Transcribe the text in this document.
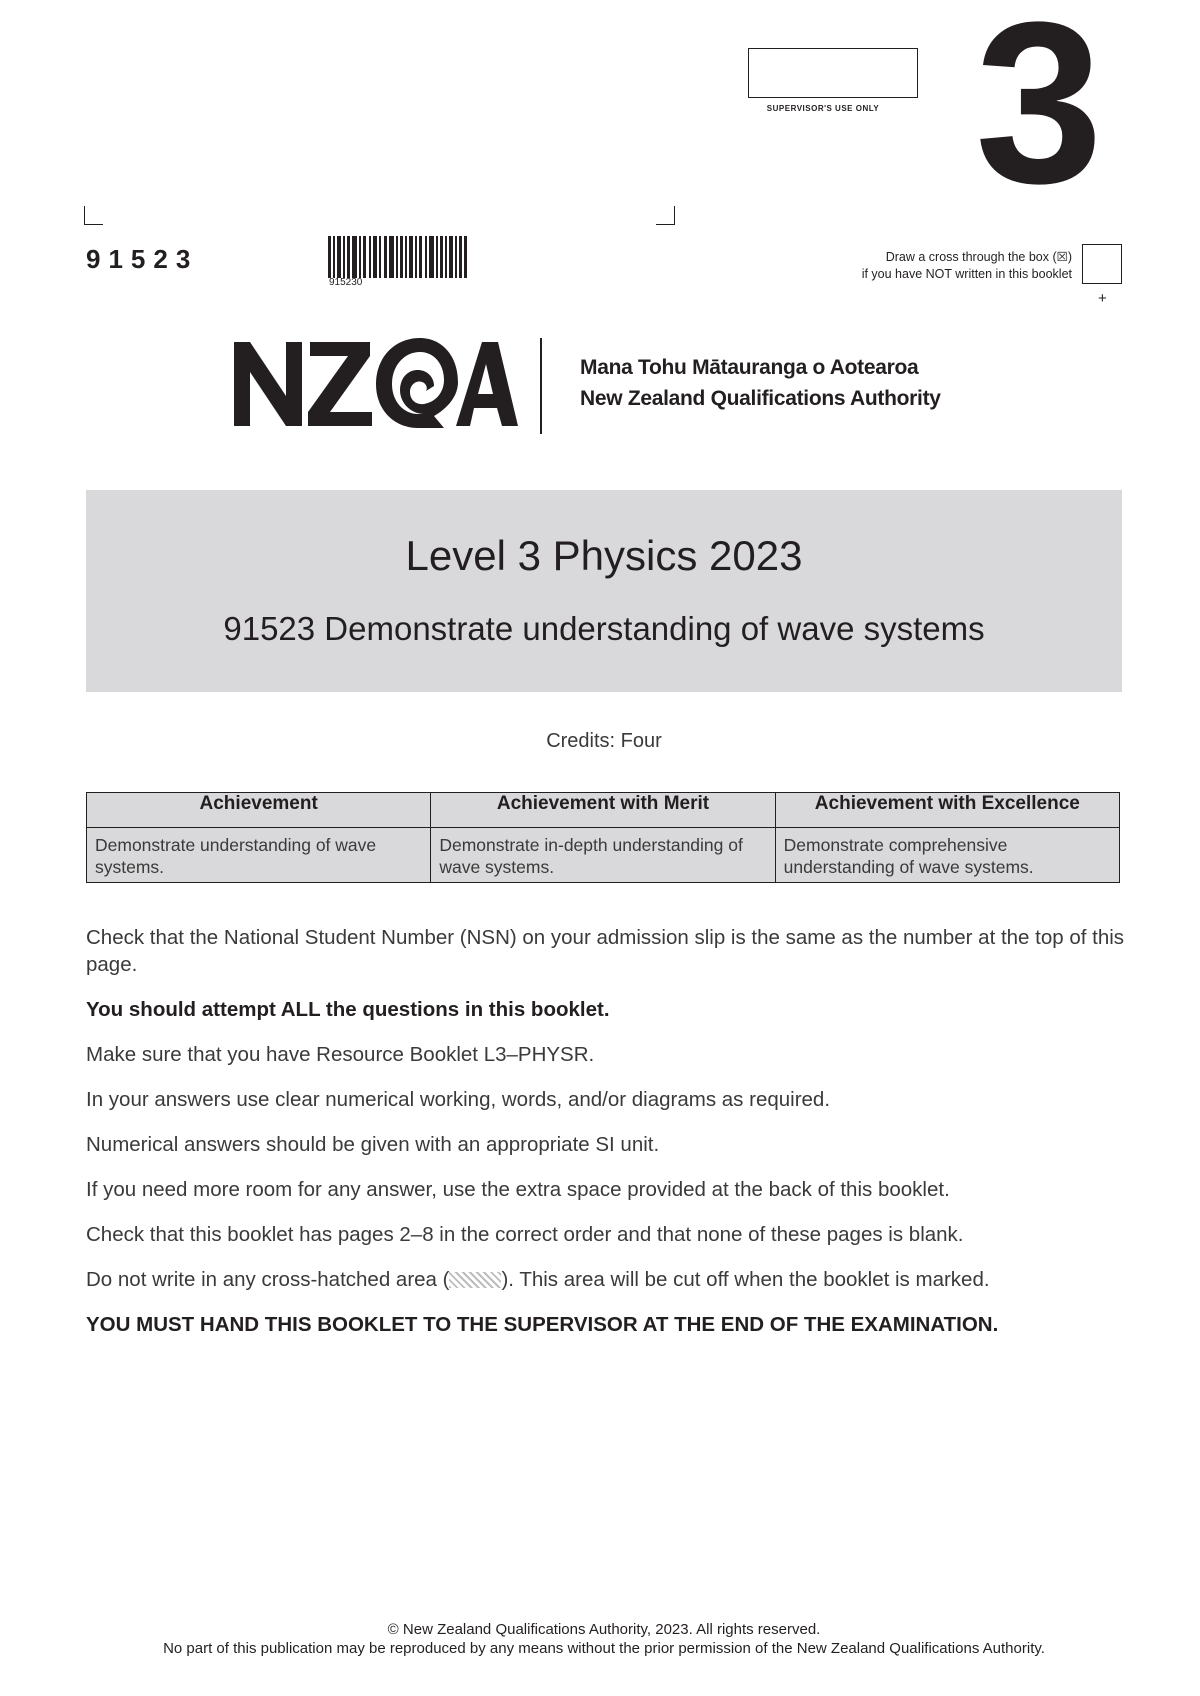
SUPERVISOR'S USE ONLY 3
91523
915230
Draw a cross through the box (☒)
if you have NOT written in this booklet
+
Mana Tohu Mātauranga o Aotearoa
New Zealand Qualifications Authority
Level 3 Physics 2023
91523 Demonstrate understanding of wave systems
Credits: Four
Achievement	Achievement with Merit	Achievement with Excellence
Demonstrate understanding of wave systems.	Demonstrate in-depth understanding of wave systems.	Demonstrate comprehensive understanding of wave systems.

Check that the National Student Number (NSN) on your admission slip is the same as the number at the top of this page.

You should attempt ALL the questions in this booklet.

Make sure that you have Resource Booklet L3–PHYSR.

In your answers use clear numerical working, words, and/or diagrams as required.

Numerical answers should be given with an appropriate SI unit.

If you need more room for any answer, use the extra space provided at the back of this booklet.

Check that this booklet has pages 2–8 in the correct order and that none of these pages is blank.

Do not write in any cross-hatched area (	). This area will be cut off when the booklet is marked.

YOU MUST HAND THIS BOOKLET TO THE SUPERVISOR AT THE END OF THE EXAMINATION.

© New Zealand Qualifications Authority, 2023. All rights reserved.
No part of this publication may be reproduced by any means without the prior permission of the New Zealand Qualifications Authority.
